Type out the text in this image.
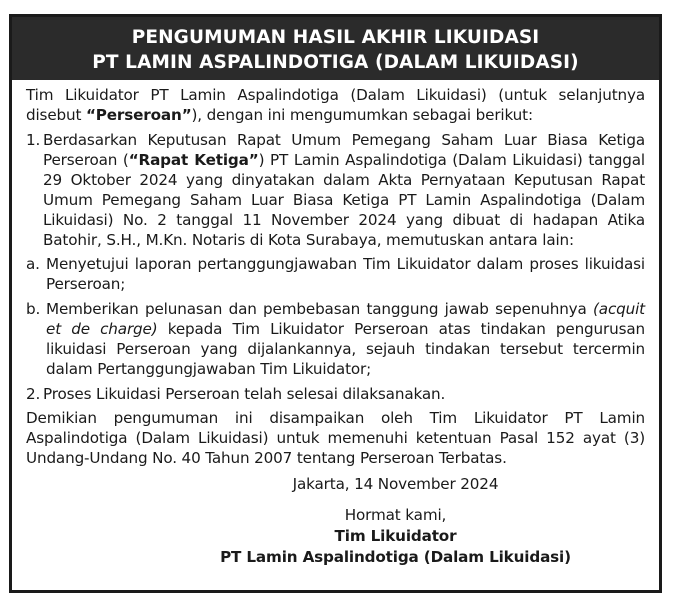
PENGUMUMAN HASIL AKHIR LIKUIDASI
PT LAMIN ASPALINDOTIGA (DALAM LIKUIDASI)

Tim Likuidator PT Lamin Aspalindotiga (Dalam Likuidasi) (untuk selanjutnya disebut “Perseroan”), dengan ini mengumumkan sebagai berikut:

1. Berdasarkan Keputusan Rapat Umum Pemegang Saham Luar Biasa Ketiga Perseroan (“Rapat Ketiga”) PT Lamin Aspalindotiga (Dalam Likuidasi) tanggal 29 Oktober 2024 yang dinyatakan dalam Akta Pernyataan Keputusan Rapat Umum Pemegang Saham Luar Biasa Ketiga PT Lamin Aspalindotiga (Dalam Likuidasi) No. 2 tanggal 11 November 2024 yang dibuat di hadapan Atika Batohir, S.H., M.Kn. Notaris di Kota Surabaya, memutuskan antara lain:
a. Menyetujui laporan pertanggungjawaban Tim Likuidator dalam proses likuidasi Perseroan;
b. Memberikan pelunasan dan pembebasan tanggung jawab sepenuhnya (acquit et de charge) kepada Tim Likuidator Perseroan atas tindakan pengurusan likuidasi Perseroan yang dijalankannya, sejauh tindakan tersebut tercermin dalam Pertanggungjawaban Tim Likuidator;
2. Proses Likuidasi Perseroan telah selesai dilaksanakan.

Demikian pengumuman ini disampaikan oleh Tim Likuidator PT Lamin Aspalindotiga (Dalam Likuidasi) untuk memenuhi ketentuan Pasal 152 ayat (3) Undang-Undang No. 40 Tahun 2007 tentang Perseroan Terbatas.

Jakarta, 14 November 2024

Hormat kami,

Tim Likuidator

PT Lamin Aspalindotiga (Dalam Likuidasi)
